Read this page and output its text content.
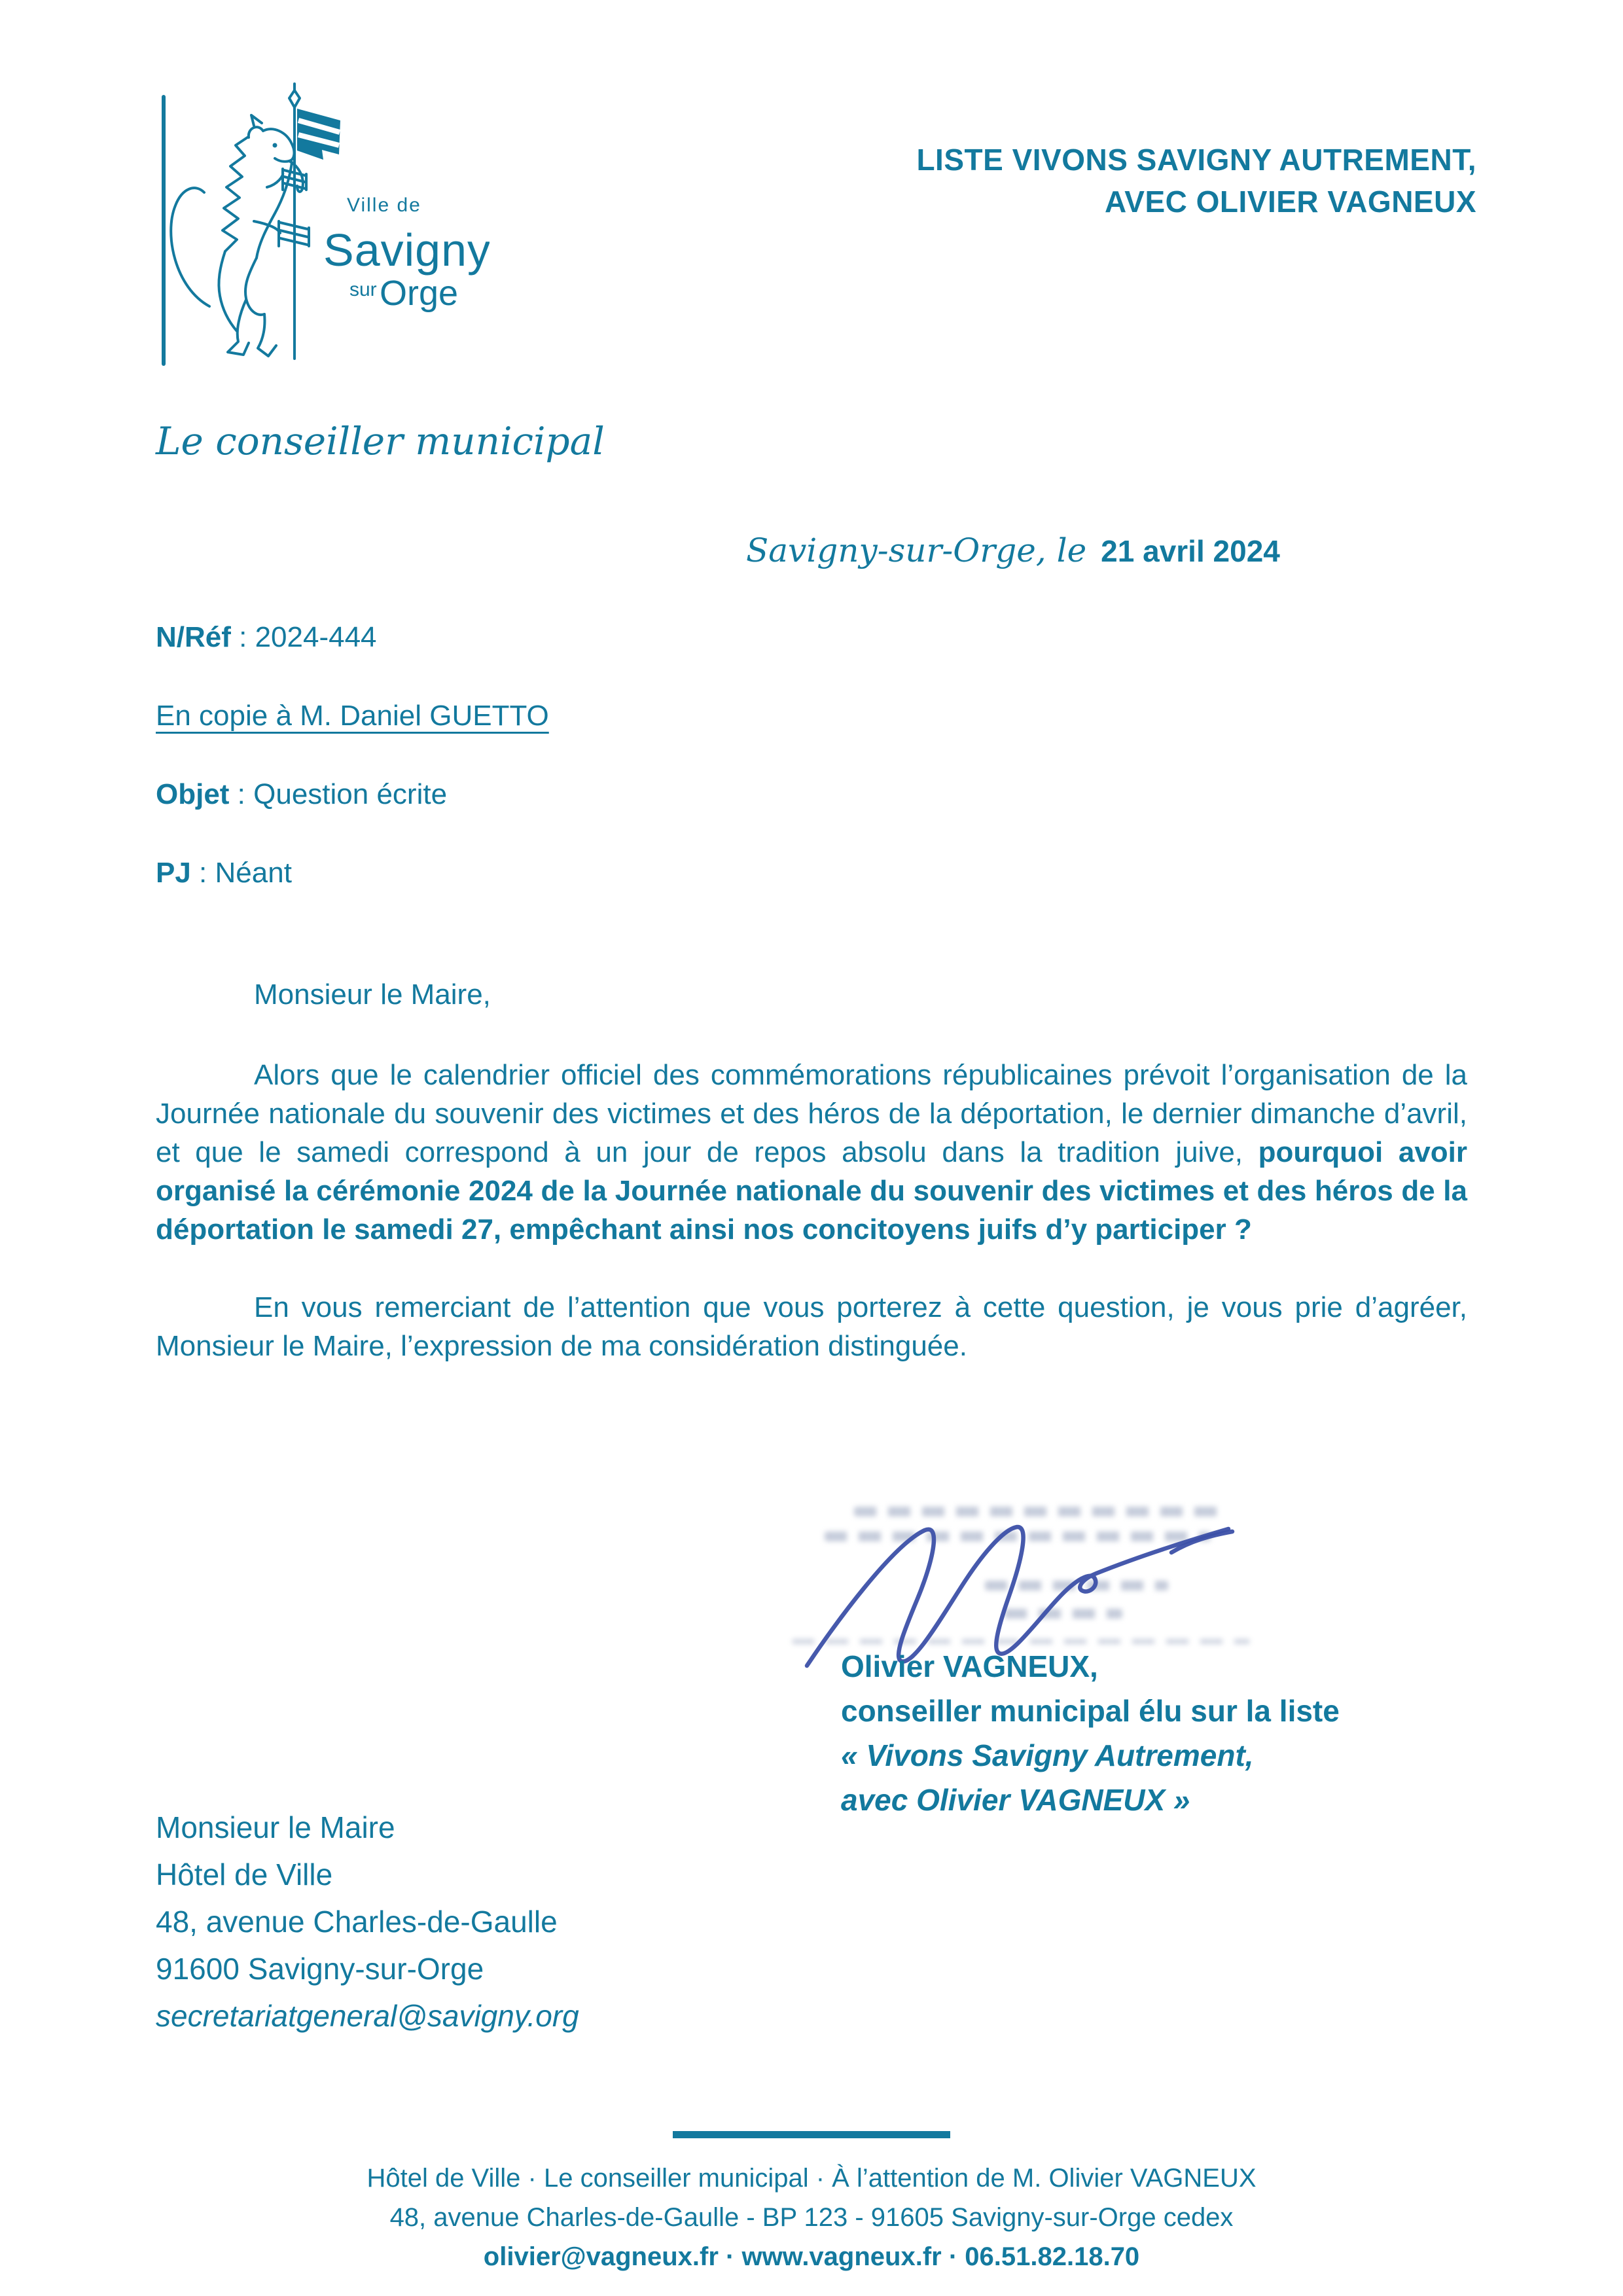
Ville de
Savigny
sur Orge
LISTE VIVONS SAVIGNY AUTREMENT,
AVEC OLIVIER VAGNEUX
Le conseiller municipal
Savigny-sur-Orge, le 21 avril 2024
N/Réf : 2024-444
En copie à M. Daniel GUETTO
Objet : Question écrite
PJ : Néant
Monsieur le Maire,

Alors que le calendrier officiel des commémorations républicaines prévoit l’organisation de la Journée nationale du souvenir des victimes et des héros de la déportation, le dernier dimanche d’avril, et que le samedi correspond à un jour de repos absolu dans la tradition juive, pourquoi avoir organisé la cérémonie 2024 de la Journée nationale du souvenir des victimes et des héros de la déportation le samedi 27, empêchant ainsi nos concitoyens juifs d’y participer ?

En vous remerciant de l’attention que vous porterez à cette question, je vous prie d’agréer, Monsieur le Maire, l’expression de ma considération distinguée.

Olivier VAGNEUX,
conseiller municipal élu sur la liste
« Vivons Savigny Autrement,
avec Olivier VAGNEUX »
Monsieur le Maire
Hôtel de Ville
48, avenue Charles-de-Gaulle
91600 Savigny-sur-Orge
secretariatgeneral@savigny.org
Hôtel de Ville · Le conseiller municipal · À l’attention de M. Olivier VAGNEUX
48, avenue Charles-de-Gaulle - BP 123 - 91605 Savigny-sur-Orge cedex
olivier@vagneux.fr · www.vagneux.fr · 06.51.82.18.70
